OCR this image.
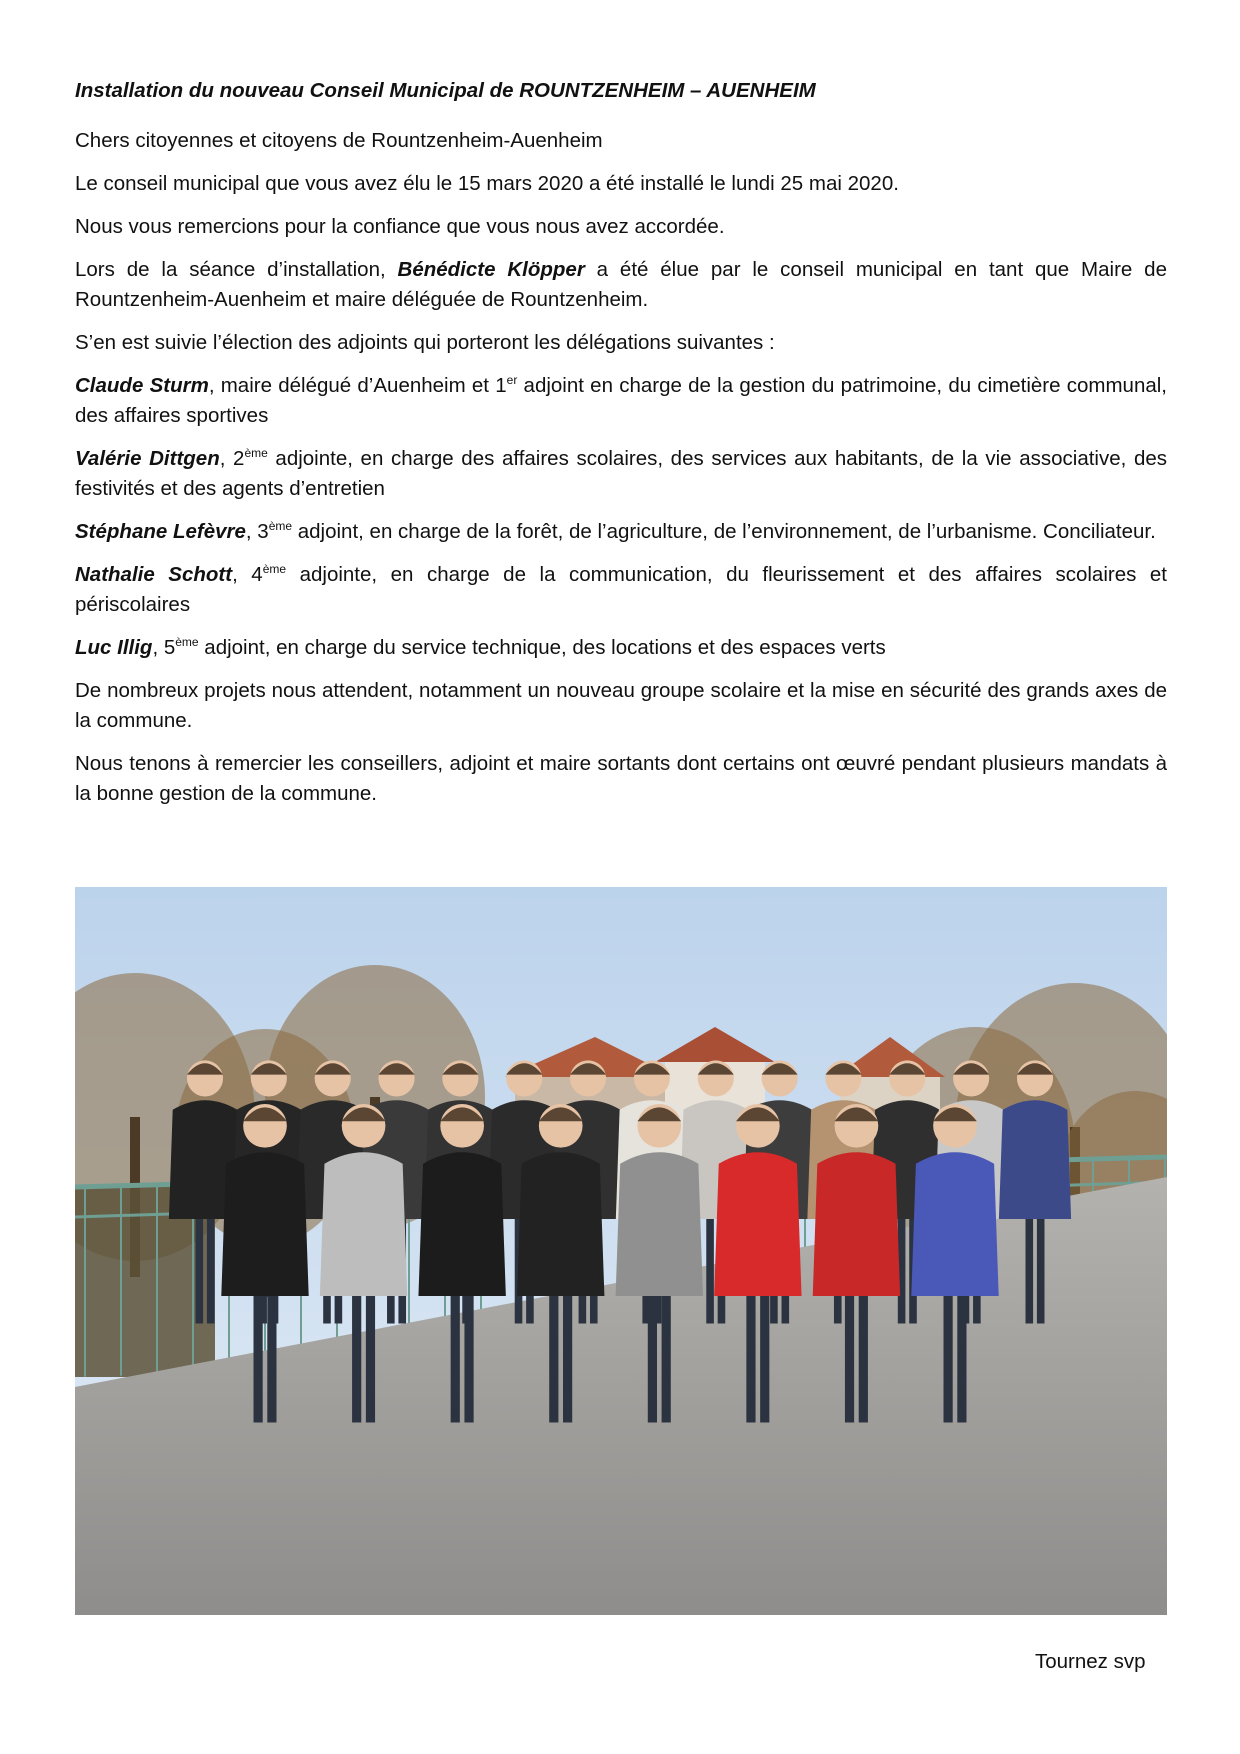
Installation du nouveau Conseil Municipal de ROUNTZENHEIM – AUENHEIM

Chers citoyennes et citoyens de Rountzenheim-Auenheim

Le conseil municipal que vous avez élu le 15 mars 2020 a été installé le lundi 25 mai 2020.

Nous vous remercions pour la confiance que vous nous avez accordée.

Lors de la séance d’installation, Bénédicte Klöpper a été élue par le conseil municipal en tant que Maire de Rountzenheim-Auenheim et maire déléguée de Rountzenheim.

S’en est suivie l’élection des adjoints qui porteront les délégations suivantes :

Claude Sturm, maire délégué d’Auenheim et 1er adjoint en charge de la gestion du patrimoine, du cimetière communal, des affaires sportives

Valérie Dittgen, 2ème adjointe, en charge des affaires scolaires, des services aux habitants, de la vie associative, des festivités et des agents d’entretien

Stéphane Lefèvre, 3ème adjoint, en charge de la forêt, de l’agriculture, de l’environnement, de l’urbanisme. Conciliateur.

Nathalie Schott, 4ème adjointe, en charge de la communication, du fleurissement et des affaires scolaires et périscolaires

Luc Illig, 5ème adjoint, en charge du service technique, des locations et des espaces verts

De nombreux projets nous attendent, notamment un nouveau groupe scolaire et la mise en sécurité des grands axes de la commune.

Nous tenons à remercier les conseillers, adjoint et maire sortants dont certains ont œuvré pendant plusieurs mandats à la bonne gestion de la commune.

Tournez svp
